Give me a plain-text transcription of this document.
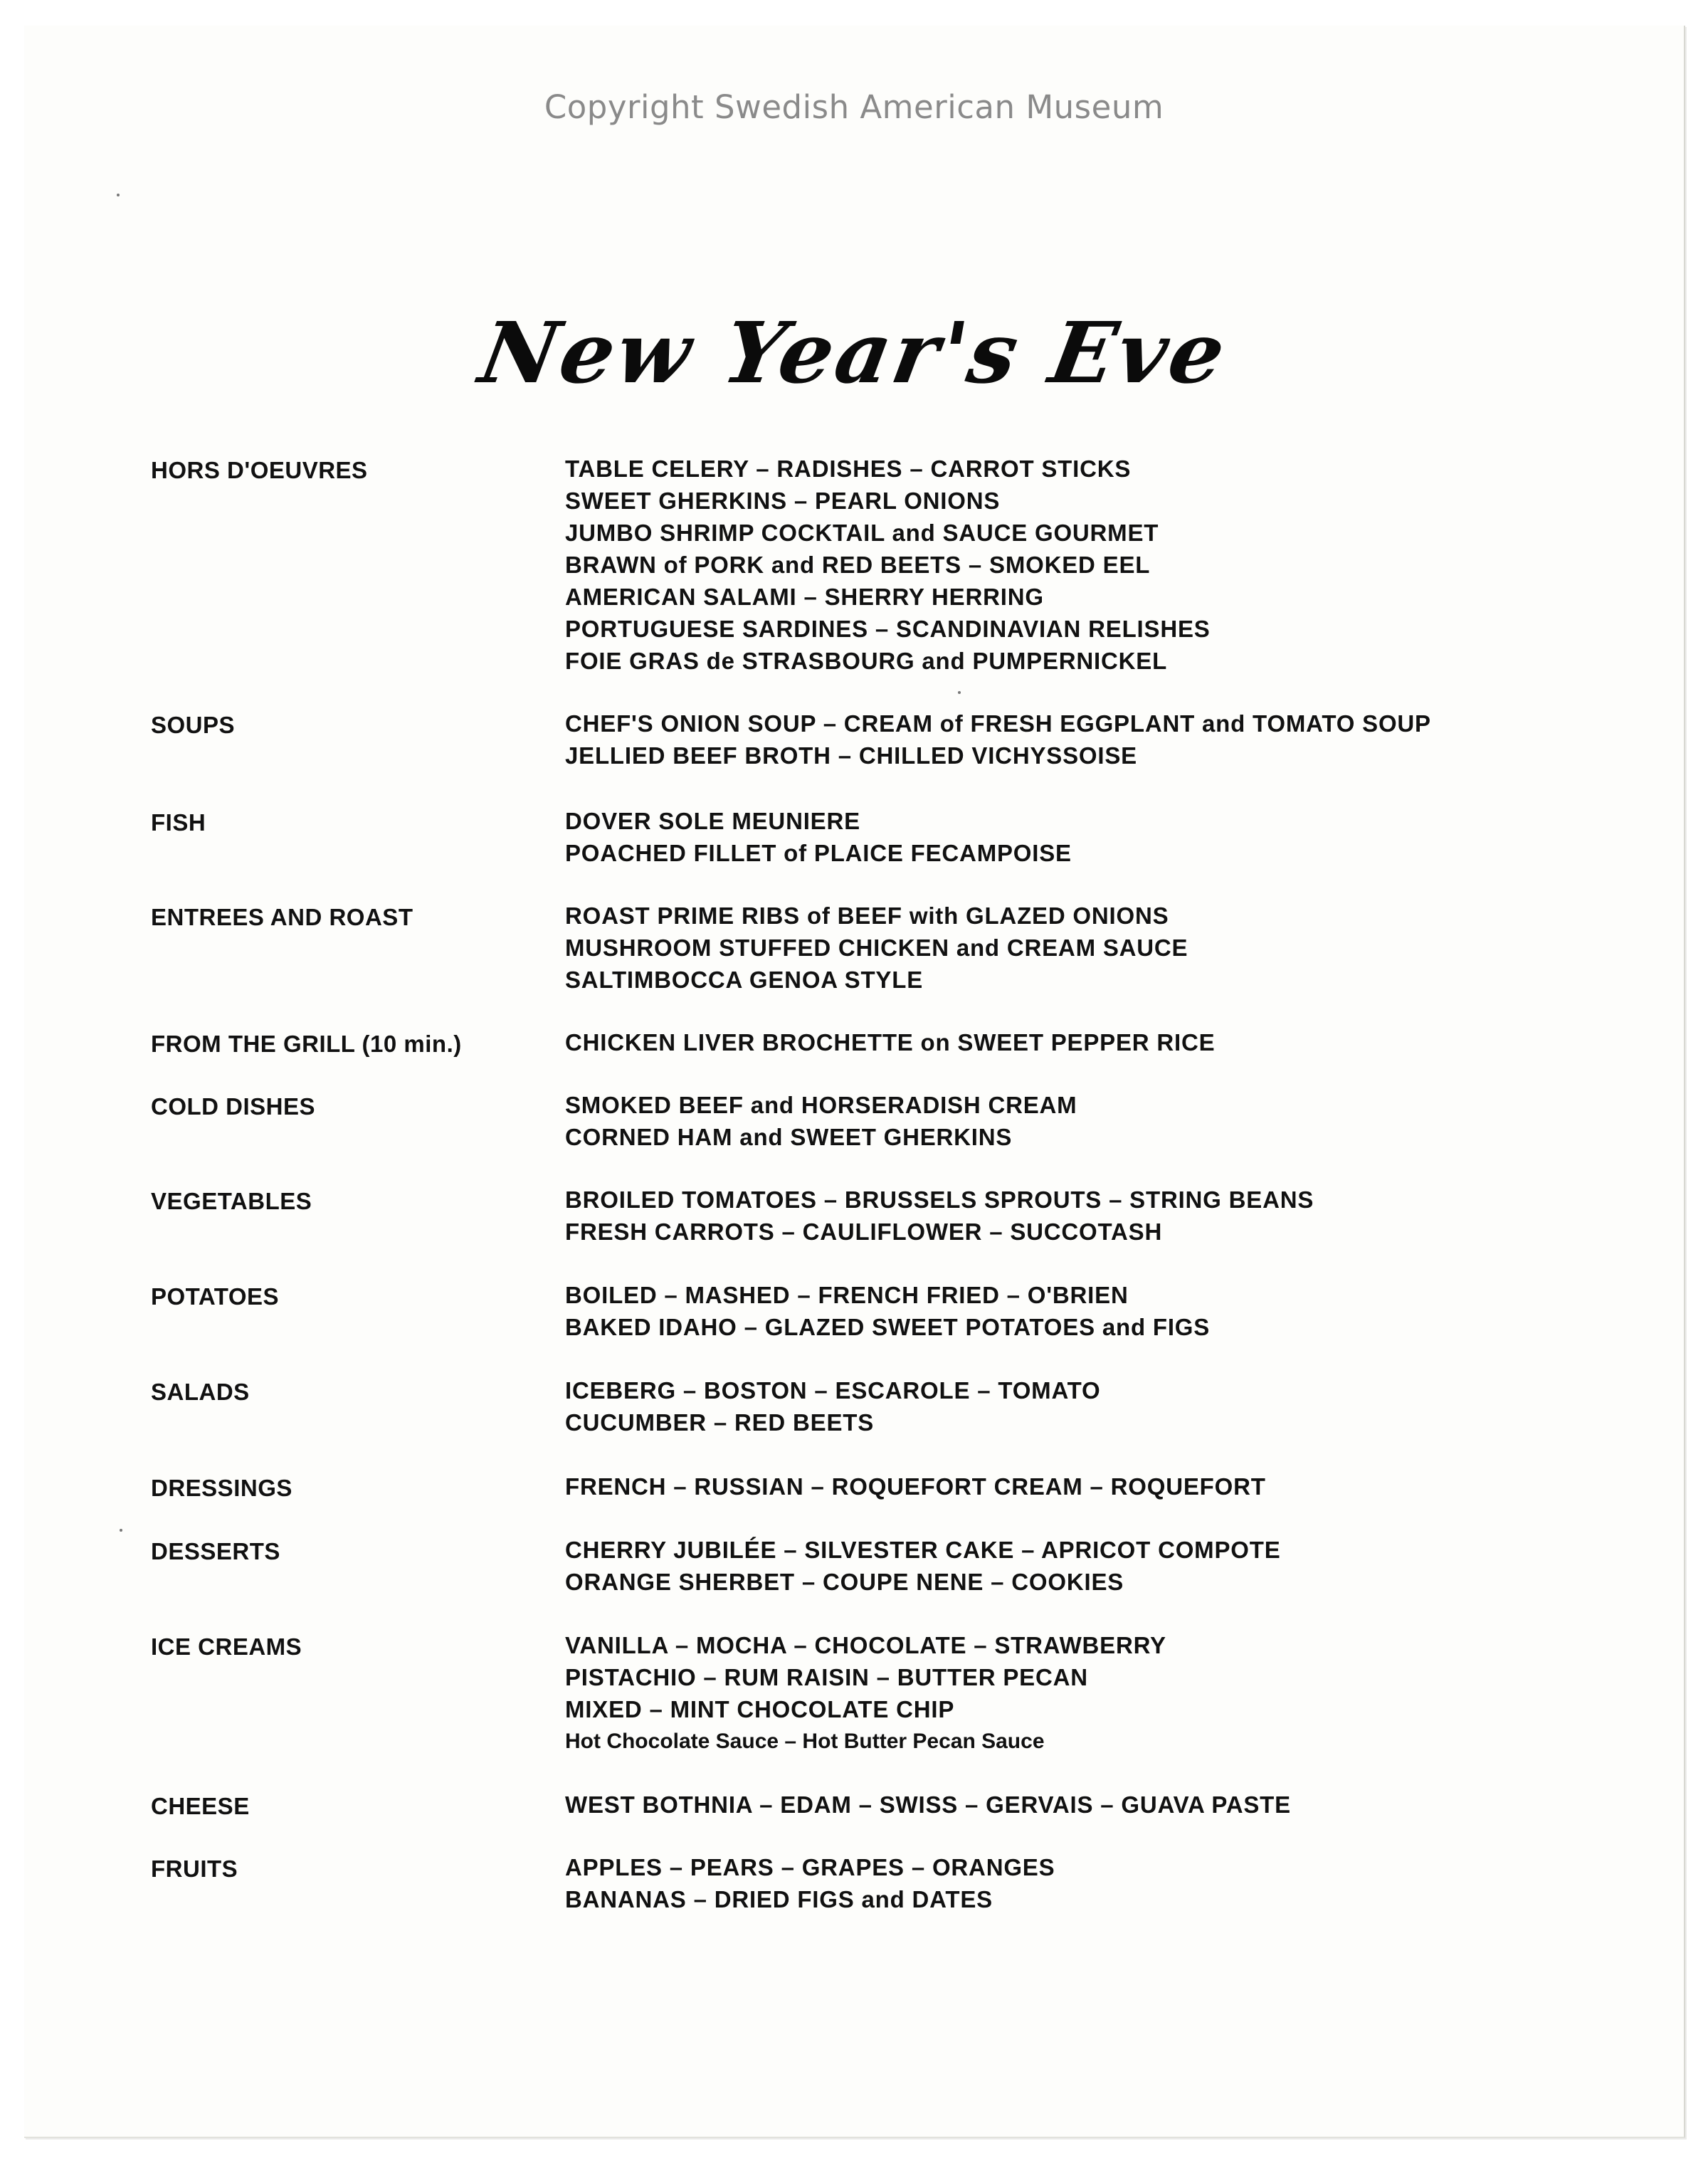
Copyright Swedish American Museum
New Year's Eve
HORS D'OEUVRES	TABLE CELERY – RADISHES – CARROT STICKS
SWEET GHERKINS – PEARL ONIONS
JUMBO SHRIMP COCKTAIL and SAUCE GOURMET
BRAWN of PORK and RED BEETS – SMOKED EEL
AMERICAN SALAMI – SHERRY HERRING
PORTUGUESE SARDINES – SCANDINAVIAN RELISHES
FOIE GRAS de STRASBOURG and PUMPERNICKEL
SOUPS	CHEF'S ONION SOUP – CREAM of FRESH EGGPLANT and TOMATO SOUP
JELLIED BEEF BROTH – CHILLED VICHYSSOISE
FISH	DOVER SOLE MEUNIERE
POACHED FILLET of PLAICE FECAMPOISE
ENTREES AND ROAST	ROAST PRIME RIBS of BEEF with GLAZED ONIONS
MUSHROOM STUFFED CHICKEN and CREAM SAUCE
SALTIMBOCCA GENOA STYLE
FROM THE GRILL (10 min.)	CHICKEN LIVER BROCHETTE on SWEET PEPPER RICE
COLD DISHES	SMOKED BEEF and HORSERADISH CREAM
CORNED HAM and SWEET GHERKINS
VEGETABLES	BROILED TOMATOES – BRUSSELS SPROUTS – STRING BEANS
FRESH CARROTS – CAULIFLOWER – SUCCOTASH
POTATOES	BOILED – MASHED – FRENCH FRIED – O'BRIEN
BAKED IDAHO – GLAZED SWEET POTATOES and FIGS
SALADS	ICEBERG – BOSTON – ESCAROLE – TOMATO
CUCUMBER – RED BEETS
DRESSINGS	FRENCH – RUSSIAN – ROQUEFORT CREAM – ROQUEFORT
DESSERTS	CHERRY JUBILÉE – SILVESTER CAKE – APRICOT COMPOTE
ORANGE SHERBET – COUPE NENE – COOKIES
ICE CREAMS	VANILLA – MOCHA – CHOCOLATE – STRAWBERRY
PISTACHIO – RUM RAISIN – BUTTER PECAN
MIXED – MINT CHOCOLATE CHIP
Hot Chocolate Sauce – Hot Butter Pecan Sauce
CHEESE	WEST BOTHNIA – EDAM – SWISS – GERVAIS – GUAVA PASTE
FRUITS	APPLES – PEARS – GRAPES – ORANGES
BANANAS – DRIED FIGS and DATES
